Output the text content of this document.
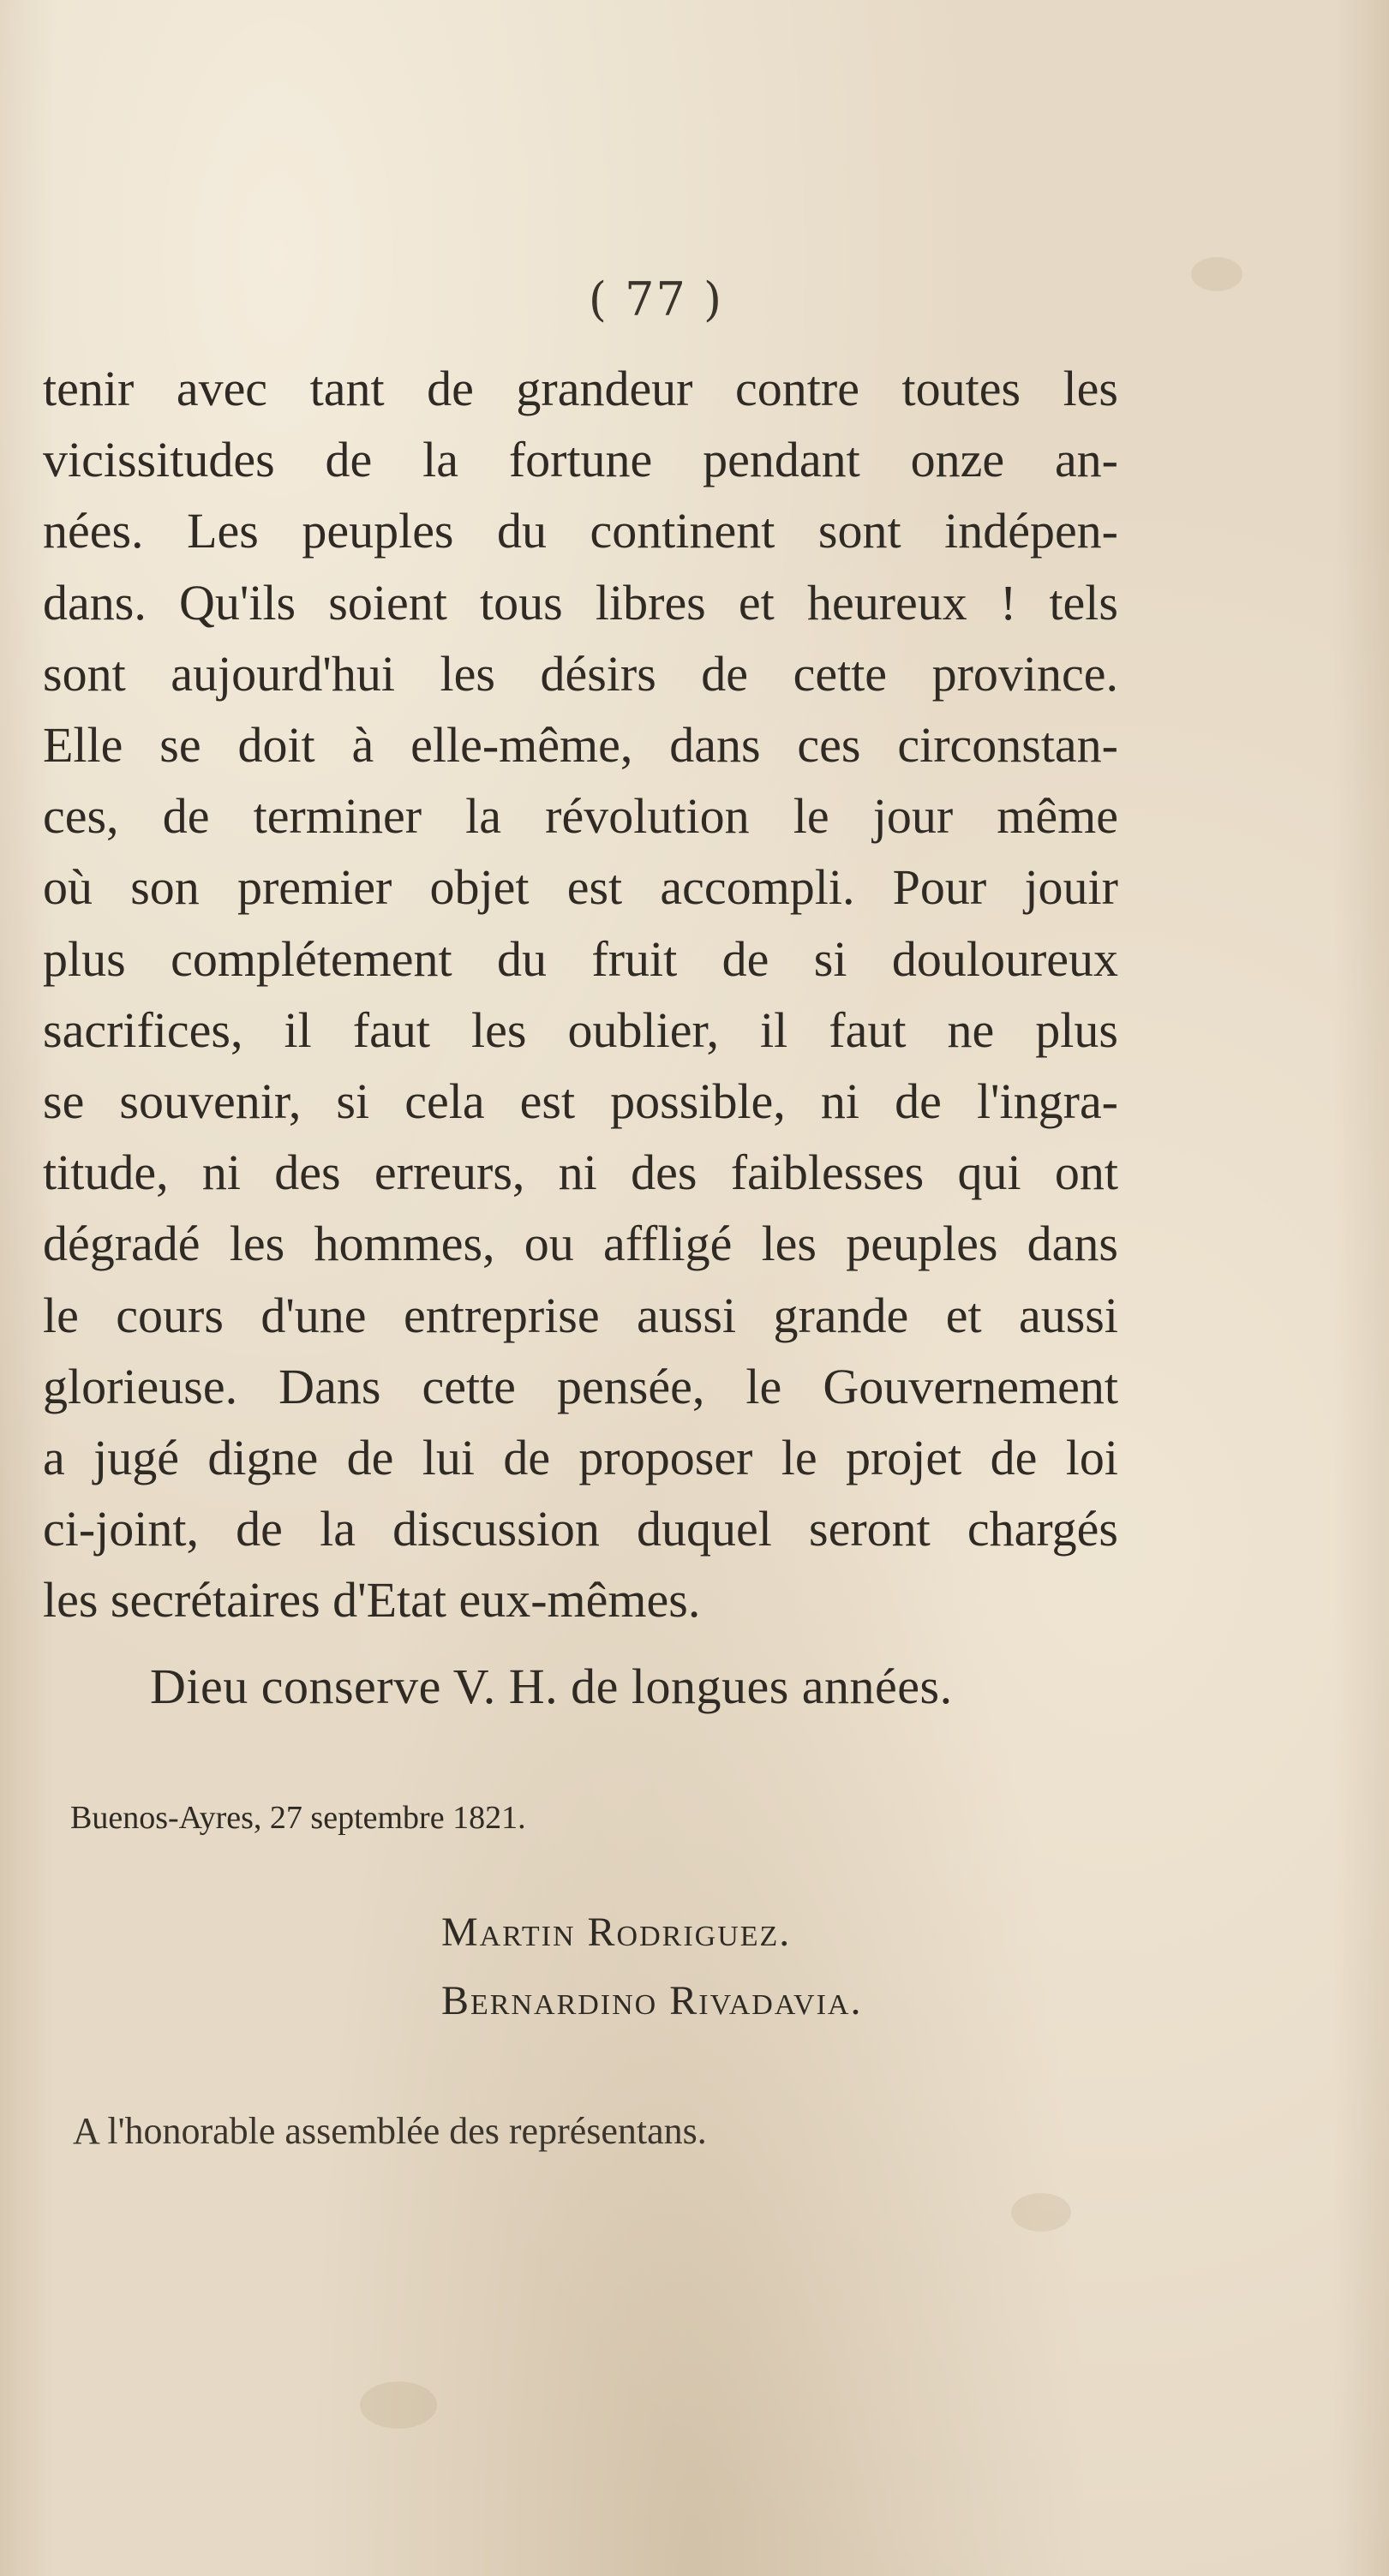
( 77 )
tenir avec tant de grandeur contre toutes les
vicissitudes de la fortune pendant onze an-
nées. Les peuples du continent sont indépen-
dans. Qu'ils soient tous libres et heureux ! tels
sont aujourd'hui les désirs de cette province.
Elle se doit à elle-même, dans ces circonstan-
ces, de terminer la révolution le jour même
où son premier objet est accompli. Pour jouir
plus complétement du fruit de si douloureux
sacrifices, il faut les oublier, il faut ne plus
se souvenir, si cela est possible, ni de l'ingra-
titude, ni des erreurs, ni des faiblesses qui ont
dégradé les hommes, ou affligé les peuples dans
le cours d'une entreprise aussi grande et aussi
glorieuse. Dans cette pensée, le Gouvernement
a jugé digne de lui de proposer le projet de loi
ci-joint, de la discussion duquel seront chargés
les secrétaires d'Etat eux-mêmes.
Dieu conserve V. H. de longues années.
Buenos-Ayres, 27 septembre 1821.
Martin Rodriguez.
Bernardino Rivadavia.
A l'honorable assemblée des représentans.
